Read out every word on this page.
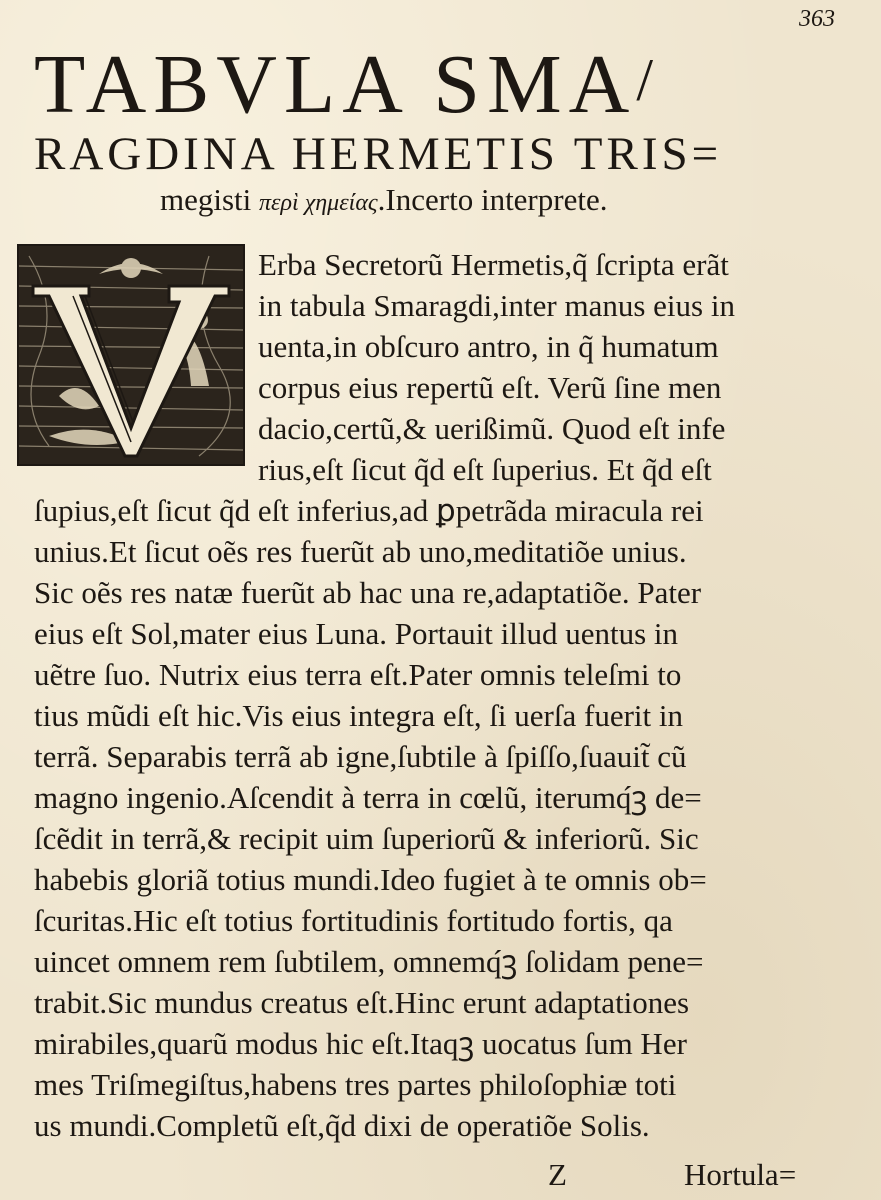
363
TABVLA SMA/
RAGDINA HERMETIS TRIS=
megisti περὶ χημείας.Incerto interprete.
Erba Secretorũ Hermetis,q̃ ſcripta erãt
in tabula Smaragdi,inter manus eius in
uenta,in obſcuro antro, in q̃ humatum
corpus eius repertũ eſt. Verũ ſine men
dacio,certũ,& uerißimũ. Quod eſt infe
rius,eſt ſicut q̃d eſt ſuperius. Et q̃d eſt
ſupius,eſt ſicut q̃d eſt inferius,ad ꝑpetrãda miracula rei
unius.Et ſicut oẽs res fuerũt ab uno,meditatiõe unius.
Sic oẽs res natæ fuerũt ab hac una re,adaptatiõe. Pater
eius eſt Sol,mater eius Luna. Portauit illud uentus in
uẽtre ſuo. Nutrix eius terra eſt.Pater omnis teleſmi to
tius mũdi eſt hic.Vis eius integra eſt, ſi uerſa fuerit in
terrã. Separabis terrã ab igne,ſubtile à ſpiſſo,ſuauit̃ cũ
magno ingenio.Aſcendit à terra in cœlũ, iterumq́ꝫ de=
ſcẽdit in terrã,& recipit uim ſuperiorũ & inferiorũ. Sic
habebis gloriã totius mundi.Ideo fugiet à te omnis ob=
ſcuritas.Hic eſt totius fortitudinis fortitudo fortis, qa
uincet omnem rem ſubtilem, omnemq́ꝫ ſolidam pene=
trabit.Sic mundus creatus eſt.Hinc erunt adaptationes
mirabiles,quarũ modus hic eſt.Itaqꝫ uocatus ſum Her
mes Triſmegiſtus,habens tres partes philoſophiæ toti
us mundi.Completũ eſt,q̃d dixi de operatiõe Solis.
Z	Hortula=
